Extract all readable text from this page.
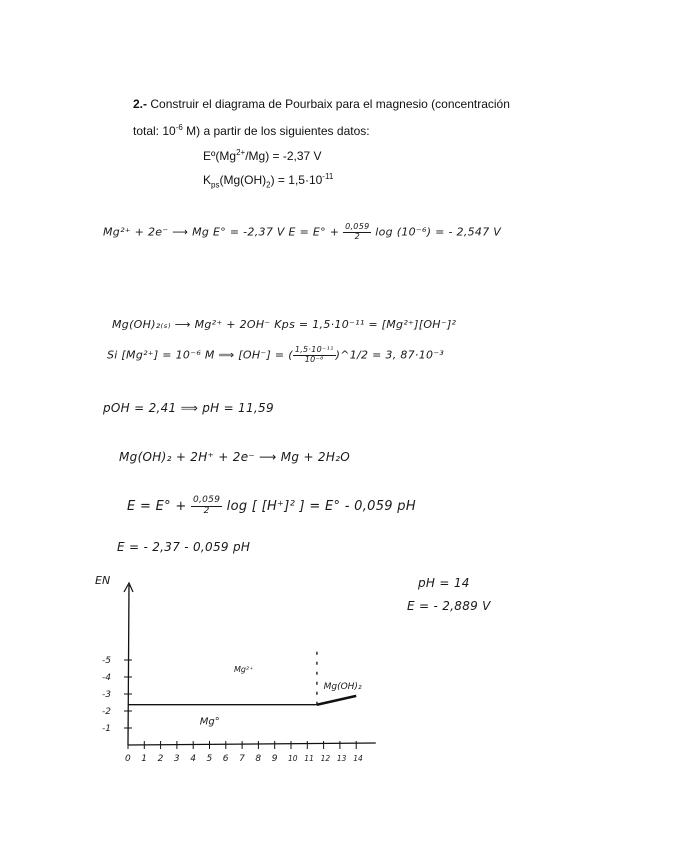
2.- Construir el diagrama de Pourbaix para el magnesio (concentración
total: $10^{-6}$ M) a partir de los siguientes datos:
$Eº(Mg^{2+}/Mg) = -2,37$ V
$K_{ps}(Mg(OH)_2) = 1,5\cdot 10^{-11}$
Mg²⁺ + 2e⁻ ⟶ Mg E° = -2,37 V $E = E^\circ + \frac{0,059}{2}$ log (10⁻⁶) = - 2,547 V
Mg(OH)₂₍ₛ₎ ⟶ Mg²⁺ + 2OH⁻ Kps = 1,5·10⁻¹¹ = [Mg²⁺][OH⁻]²
Si [Mg²⁺] = 10⁻⁶ M ⟹ [OH⁻] = ( $\frac{\text{1,5·10⁻¹¹}}{\text{10⁻⁶}}$ )^1/2 = 3, 87·10⁻³
pOH = 2,41 ⟹ pH = 11,59
Mg(OH)₂ + 2H⁺ + 2e⁻ ⟶ Mg + 2H₂O
$E = E^\circ + \frac{0,059}{2}$ log [ [H⁺]² ] = E° - 0,059 pH
E = - 2,37 - 0,059 pH
pH = 14
E = - 2,889 V
0 1 2 3 4 5 6 7 8 9 10 11 12 13 14
-5
-4
-3
-2
-1
EN
Mg²⁺
Mg(OH)₂
Mg°
